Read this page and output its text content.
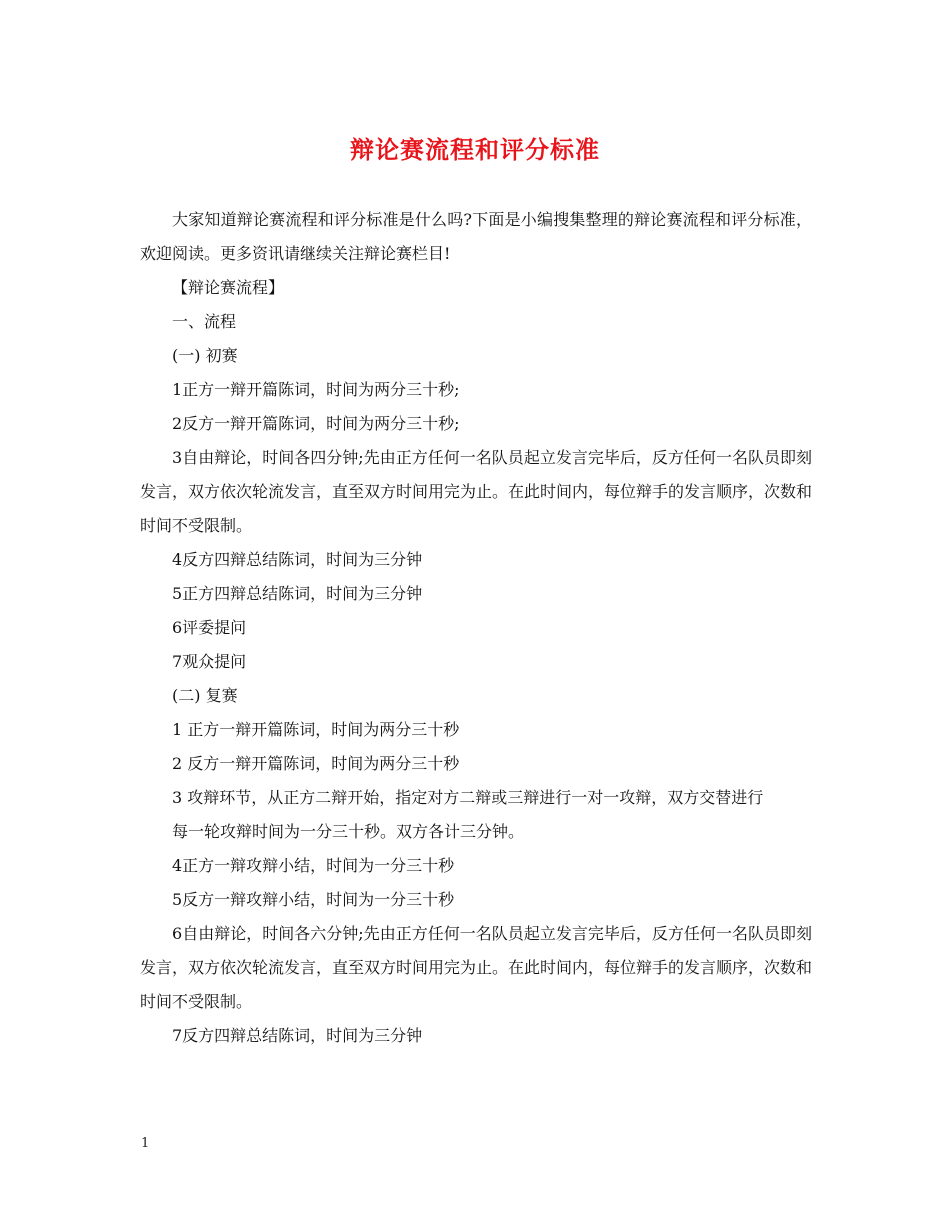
辩论赛流程和评分标准

大家知道辩论赛流程和评分标准是什么吗?下面是小编搜集整理的辩论赛流程和评分标准，欢迎阅读。更多资讯请继续关注辩论赛栏目!

【辩论赛流程】

一、流程

(一) 初赛

1正方一辩开篇陈词，时间为两分三十秒;

2反方一辩开篇陈词，时间为两分三十秒;

3自由辩论，时间各四分钟;先由正方任何一名队员起立发言完毕后，反方任何一名队员即刻发言，双方依次轮流发言，直至双方时间用完为止。在此时间内，每位辩手的发言顺序，次数和时间不受限制。

4反方四辩总结陈词，时间为三分钟

5正方四辩总结陈词，时间为三分钟

6评委提问

7观众提问

(二) 复赛

1 正方一辩开篇陈词，时间为两分三十秒

2 反方一辩开篇陈词，时间为两分三十秒

3 攻辩环节，从正方二辩开始，指定对方二辩或三辩进行一对一攻辩，双方交替进行

每一轮攻辩时间为一分三十秒。双方各计三分钟。

4正方一辩攻辩小结，时间为一分三十秒

5反方一辩攻辩小结，时间为一分三十秒

6自由辩论，时间各六分钟;先由正方任何一名队员起立发言完毕后，反方任何一名队员即刻发言，双方依次轮流发言，直至双方时间用完为止。在此时间内，每位辩手的发言顺序，次数和时间不受限制。

7反方四辩总结陈词，时间为三分钟

1
